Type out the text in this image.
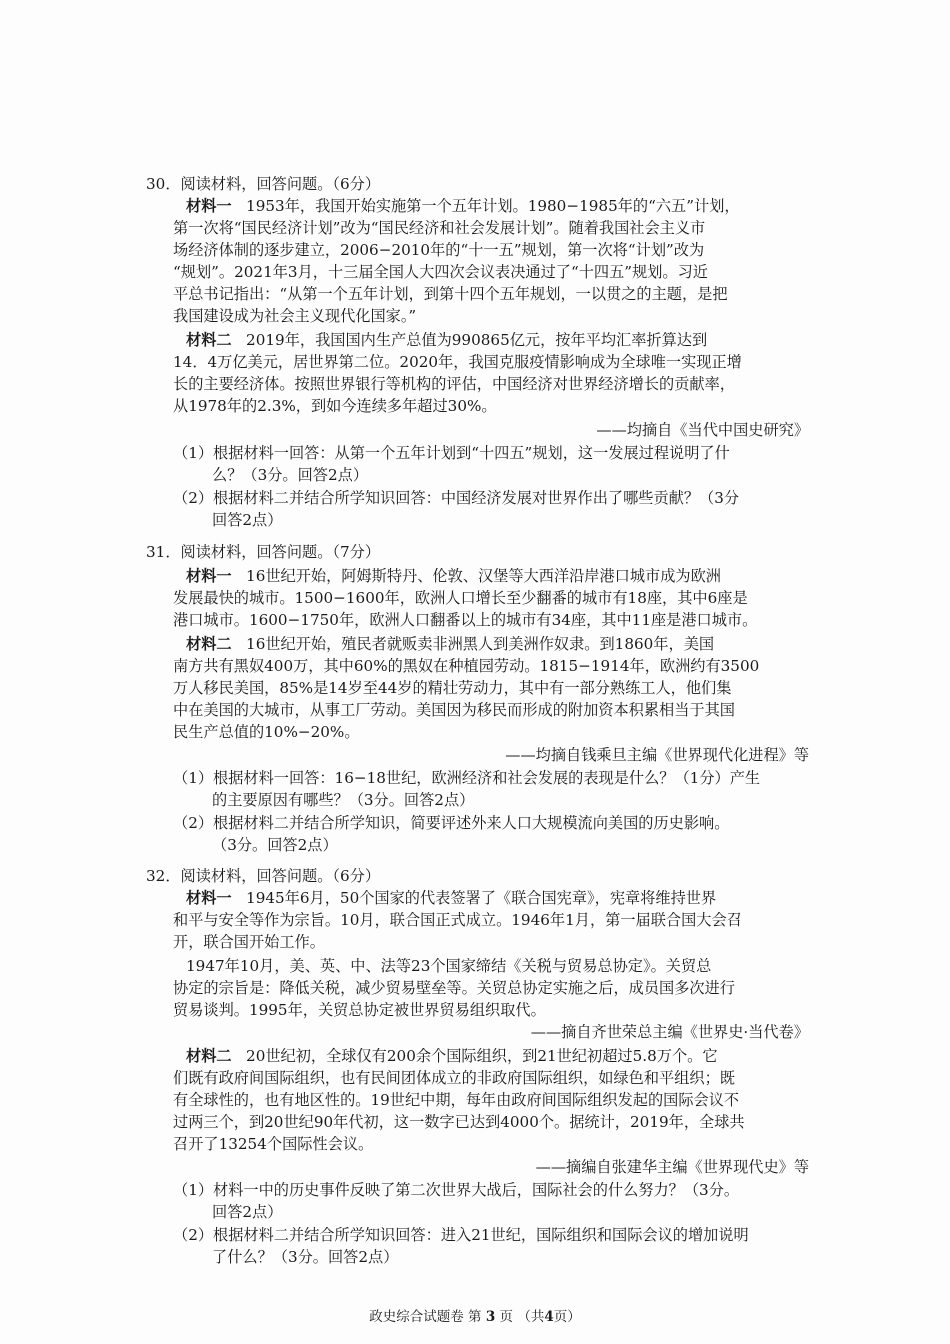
30．阅读材料，回答问题。（6分）
材料一 1953年，我国开始实施第一个五年计划。1980−1985年的“六五”计划，
第一次将“国民经济计划”改为“国民经济和社会发展计划”。随着我国社会主义市
场经济体制的逐步建立，2006−2010年的“十一五”规划，第一次将“计划”改为
“规划”。2021年3月，十三届全国人大四次会议表决通过了“十四五”规划。习近
平总书记指出：“从第一个五年计划，到第十四个五年规划，一以贯之的主题，是把
我国建设成为社会主义现代化国家。”
材料二 2019年，我国国内生产总值为990865亿元，按年平均汇率折算达到
14．4万亿美元，居世界第二位。2020年，我国克服疫情影响成为全球唯一实现正增
长的主要经济体。按照世界银行等机构的评估，中国经济对世界经济增长的贡献率，
从1978年的2.3%，到如今连续多年超过30%。
——均摘自《当代中国史研究》
（1）根据材料一回答：从第一个五年计划到“十四五”规划，这一发展过程说明了什
么？（3分。回答2点）
（2）根据材料二并结合所学知识回答：中国经济发展对世界作出了哪些贡献？（3分
回答2点）
31．阅读材料，回答问题。（7分）
材料一 16世纪开始，阿姆斯特丹、伦敦、汉堡等大西洋沿岸港口城市成为欧洲
发展最快的城市。1500−1600年，欧洲人口增长至少翻番的城市有18座，其中6座是
港口城市。1600−1750年，欧洲人口翻番以上的城市有34座，其中11座是港口城市。
材料二 16世纪开始，殖民者就贩卖非洲黑人到美洲作奴隶。到1860年，美国
南方共有黑奴400万，其中60%的黑奴在种植园劳动。1815−1914年，欧洲约有3500
万人移民美国，85%是14岁至44岁的精壮劳动力，其中有一部分熟练工人，他们集
中在美国的大城市，从事工厂劳动。美国因为移民而形成的附加资本积累相当于其国
民生产总值的10%−20%。
——均摘自钱乘旦主编《世界现代化进程》等
（1）根据材料一回答：16−18世纪，欧洲经济和社会发展的表现是什么？（1分）产生
的主要原因有哪些？（3分。回答2点）
（2）根据材料二并结合所学知识，简要评述外来人口大规模流向美国的历史影响。
（3分。回答2点）
32．阅读材料，回答问题。（6分）
材料一 1945年6月，50个国家的代表签署了《联合国宪章》，宪章将维持世界
和平与安全等作为宗旨。10月，联合国正式成立。1946年1月，第一届联合国大会召
开，联合国开始工作。
1947年10月，美、英、中、法等23个国家缔结《关税与贸易总协定》。关贸总
协定的宗旨是：降低关税，减少贸易壁垒等。关贸总协定实施之后，成员国多次进行
贸易谈判。1995年，关贸总协定被世界贸易组织取代。
——摘自齐世荣总主编《世界史·当代卷》
材料二 20世纪初，全球仅有200余个国际组织，到21世纪初超过5.8万个。它
们既有政府间国际组织，也有民间团体成立的非政府国际组织，如绿色和平组织；既
有全球性的，也有地区性的。19世纪中期，每年由政府间国际组织发起的国际会议不
过两三个，到20世纪90年代初，这一数字已达到4000个。据统计，2019年，全球共
召开了13254个国际性会议。
——摘编自张建华主编《世界现代史》等
（1）材料一中的历史事件反映了第二次世界大战后，国际社会的什么努力？（3分。
回答2点）
（2）根据材料二并结合所学知识回答：进入21世纪，国际组织和国际会议的增加说明
了什么？（3分。回答2点）
政史综合试题卷 第 3 页 （共4页）
